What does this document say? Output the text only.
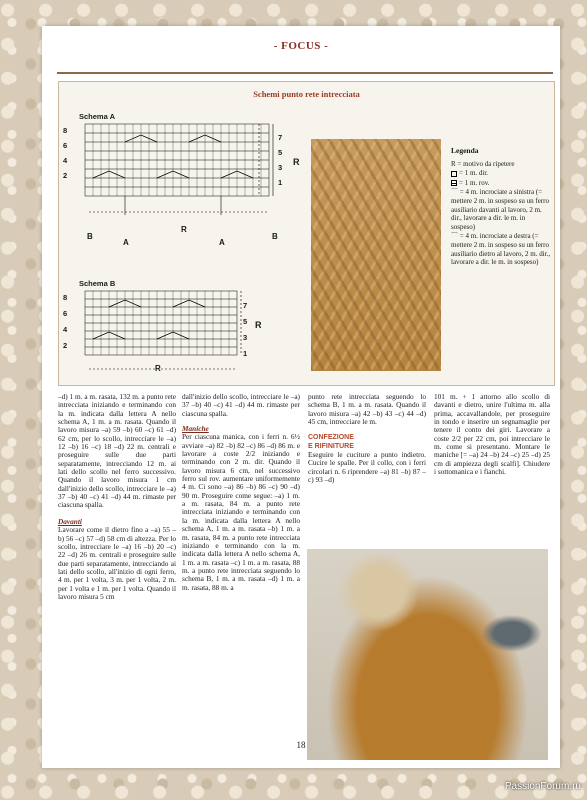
- FOCUS -
Schemi punto rete intrecciata
Schema A
8
6
4
2
7
5
3
1
R
B	B
A	A
R
Schema B
8
6
4
2
7
5
3
1
R
R
Legenda
R = motivo da ripetere
= 1 m. dir.
= 1 m. rov.
⌒ = 4 m. incrociate a sinistra (= mettere 2 m. in sospeso su un ferro ausiliario davanti al lavoro, 2 m. dir., lavorare a dir. le m. in sospeso)
⌒ = 4 m. incrociate a destra (= mettere 2 m. in sospeso su un ferro ausiliario dietro al lavoro, 2 m. dir., lavorare a dir. le m. in sospeso)

–d) 1 m. a m. rasata, 132 m. a punto rete intrecciata iniziando e terminando con la m. indicata dalla lettera A nello schema A, 1 m. a m. rasata. Quando il lavoro misura –a) 59 –b) 60 –c) 61 –d) 62 cm, per lo scollo, intrecciare le –a) 12 –b) 16 –c) 18 –d) 22 m. centrali e proseguire sulle due parti separatamente, intrecciando 12 m. ai lati dello scollo nel ferro successivo. Quando il lavoro misura 1 cm dall'inizio dello scollo, intrecciare le –a) 37 –b) 40 –c) 41 –d) 44 m. rimaste per ciascuna spalla.

Davanti

Lavorare come il dietro fino a –a) 55 –b) 56 –c) 57 –d) 58 cm di altezza. Per lo scollo, intrecciare le –a) 16 –b) 20 –c) 22 –d) 26 m. centrali e proseguire sulle due parti separatamente, intrecciando ai lati dello scollo, all'inizio di ogni ferro, 4 m. per 1 volta, 3 m. per 1 volta, 2 m. per 1 volta e 1 m. per 1 volta. Quando il lavoro misura 5 cm

dall'inizio dello scollo, intrecciare le –a) 37 –b) 40 –c) 41 –d) 44 m. rimaste per ciascuna spalla.

Maniche

Per ciascuna manica, con i ferri n. 6½ avviare –a) 82 –b) 82 –c) 86 –d) 86 m. e lavorare a coste 2/2 iniziando e terminando con 2 m. dir. Quando il lavoro misura 6 cm, nel successivo ferro sul rov. aumentare uniformemente 4 m. Ci sono –a) 86 –b) 86 –c) 90 –d) 90 m. Proseguire come segue: –a) 1 m. a m. rasata, 84 m. a punto rete intrecciata iniziando e terminando con la m. indicata dalla lettera A nello schema A, 1 m. a m. rasata –b) 1 m. a m. rasata, 84 m. a punto rete intrecciata iniziando e terminando con la m. indicata dalla lettera A nello schema A, 1 m. a m. rasata –c) 1 m. a m. rasata, 88 m. a punto rete intrecciata seguendo lo schema B, 1 m. a m. rasata –d) 1 m. a m. rasata, 88 m. a

punto rete intrecciata seguendo lo schema B, 1 m. a m. rasata. Quando il lavoro misura –a) 42 –b) 43 –c) 44 –d) 45 cm, intrecciare le m.

CONFEZIONE

E RIFINITURE

Eseguire le cuciture a punto indietro. Cucire le spalle. Per il collo, con i ferri circolari n. 6 riprendere –a) 81 –b) 87 –c) 93 –d)

101 m. + 1 attorno allo scollo di davanti e dietro, unire l'ultima m. alla prima, accavallandole, per proseguire in tondo e inserire un segnamaglie per tenere il conto dei giri. Lavorare a coste 2/2 per 22 cm, poi intrecciare le m. come si presentano. Montare le maniche [= –a) 24 –b) 24 –c) 25 –d) 25 cm di ampiezza degli scalfi]. Chiudere i sottomanica e i fianchi.

18
PassionForum.ru
